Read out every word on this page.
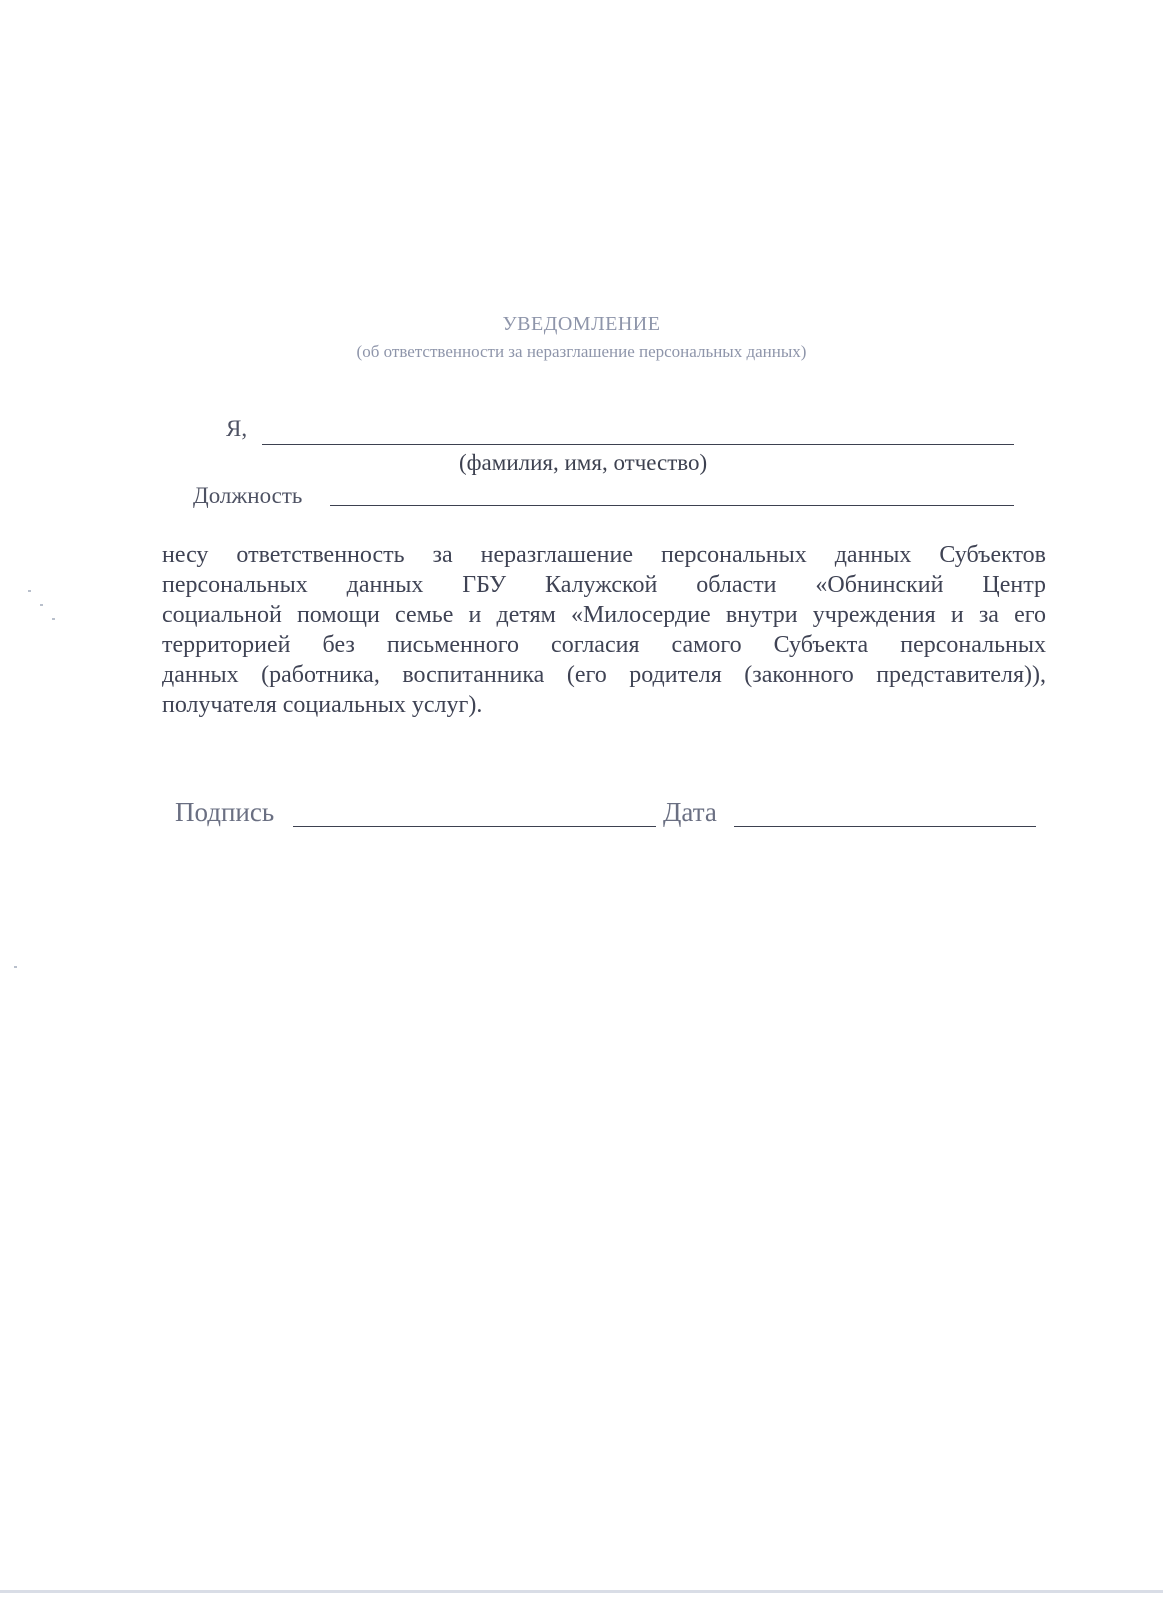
УВЕДОМЛЕНИЕ
(об ответственности за неразглашение персональных данных)
Я,
(фамилия, имя, отчество)
Должность
несу ответственность за неразглашение персональных данных Субъектов
персональных данных ГБУ Калужской области «Обнинский Центр
социальной помощи семье и детям «Милосердие внутри учреждения и за его
территорией без письменного согласия самого Субъекта персональных
данных (работника, воспитанника (его родителя (законного представителя)),
получателя социальных услуг).
Подпись	Дата
